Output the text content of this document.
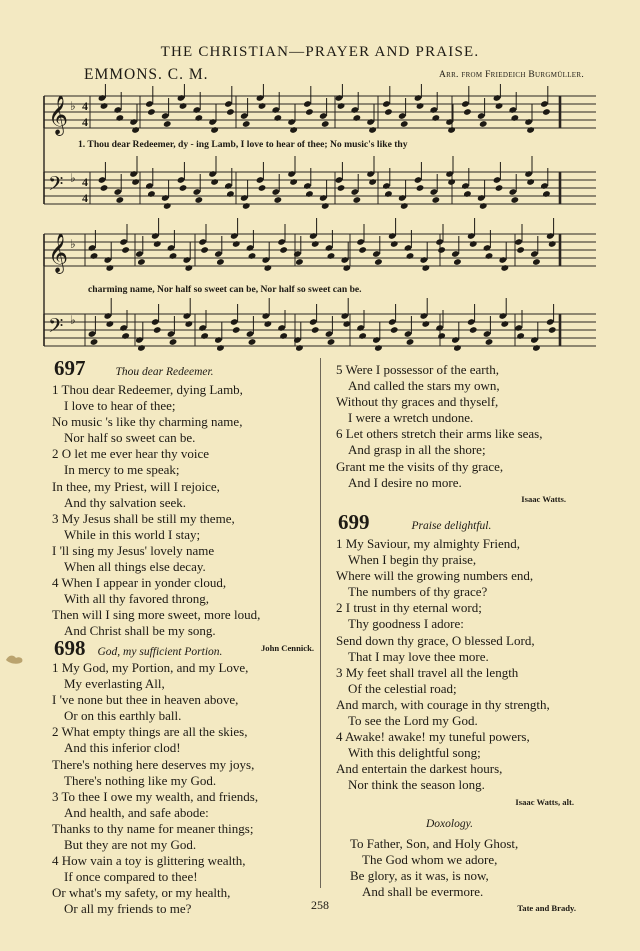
THE CHRISTIAN—PRAYER AND PRAISE.
EMMONS. C. M.	Arr. from Friedeich Burgmüller.
𝄞 ♭ 4
4
𝄢 ♭ 4
4
𝄞 ♭
𝄢 ♭
1. Thou dear Redeemer, dy - ing Lamb, I love to hear of thee; No music's like thy
charming name, Nor half so sweet can be, Nor half so sweet can be.
697	Thou dear Redeemer.
1 Thou dear Redeemer, dying Lamb,
I love to hear of thee;
No music 's like thy charming name,
Nor half so sweet can be.
2 O let me ever hear thy voice
In mercy to me speak;
In thee, my Priest, will I rejoice,
And thy salvation seek.
3 My Jesus shall be still my theme,
While in this world I stay;
I 'll sing my Jesus' lovely name
When all things else decay.
4 When I appear in yonder cloud,
With all thy favored throng,
Then will I sing more sweet, more loud,
And Christ shall be my song.
John Cennick.
698 God, my sufficient Portion.
1 My God, my Portion, and my Love,
My everlasting All,
I 've none but thee in heaven above,
Or on this earthly ball.
2 What empty things are all the skies,
And this inferior clod!
There's nothing here deserves my joys,
There's nothing like my God.
3 To thee I owe my wealth, and friends,
And health, and safe abode:
Thanks to thy name for meaner things;
But they are not my God.
4 How vain a toy is glittering wealth,
If once compared to thee!
Or what's my safety, or my health,
Or all my friends to me?
5 Were I possessor of the earth,
And called the stars my own,
Without thy graces and thyself,
I were a wretch undone.
6 Let others stretch their arms like seas,
And grasp in all the shore;
Grant me the visits of thy grace,
And I desire no more.
Isaac Watts.
699	Praise delightful.
1 My Saviour, my almighty Friend,
When I begin thy praise,
Where will the growing numbers end,
The numbers of thy grace?
2 I trust in thy eternal word;
Thy goodness I adore:
Send down thy grace, O blessed Lord,
That I may love thee more.
3 My feet shall travel all the length
Of the celestial road;
And march, with courage in thy strength,
To see the Lord my God.
4 Awake! awake! my tuneful powers,
With this delightful song;
And entertain the darkest hours,
Nor think the season long.
Isaac Watts, alt.
Doxology.
To Father, Son, and Holy Ghost,
The God whom we adore,
Be glory, as it was, is now,
And shall be evermore.
Tate and Brady.
258
